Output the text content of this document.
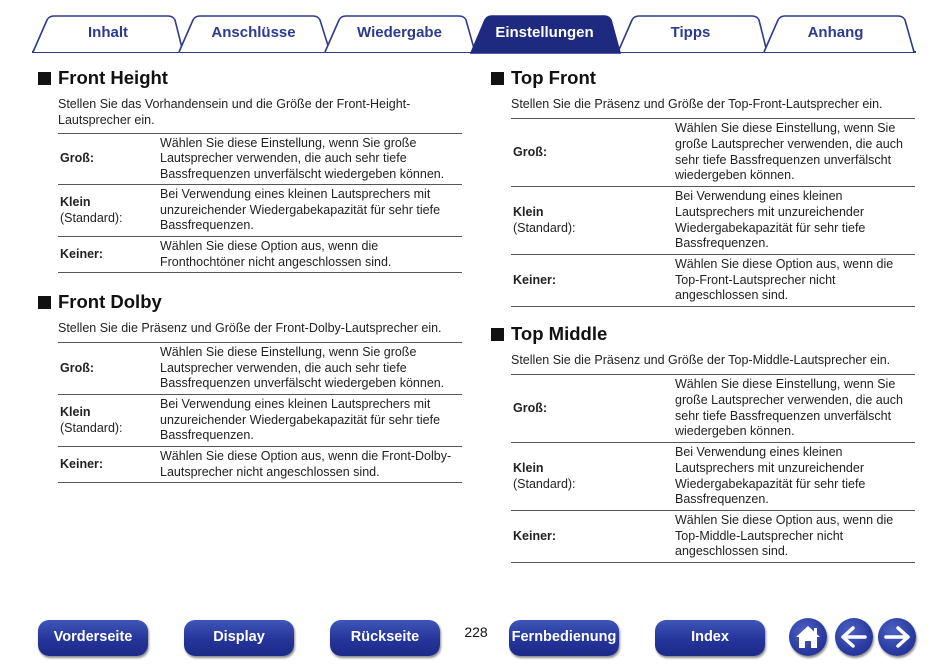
Inhalt	Anschlüsse	Wiedergabe	Einstellungen	Tipps	Anhang
Front Height
Stellen Sie das Vorhandensein und die Größe der Front-Height-Lautsprecher ein.
Groß:	Wählen Sie diese Einstellung, wenn Sie große Lautsprecher verwenden, die auch sehr tiefe Bassfrequenzen unverfälscht wiedergeben können.

Klein
(Standard):	Bei Verwendung eines kleinen Lautsprechers mit unzureichender Wiedergabekapazität für sehr tiefe Bassfrequenzen.

Keiner:	Wählen Sie diese Option aus, wenn die Fronthochtöner nicht angeschlossen sind.
Front Dolby
Stellen Sie die Präsenz und Größe der Front-Dolby-Lautsprecher ein.
Groß:	Wählen Sie diese Einstellung, wenn Sie große Lautsprecher verwenden, die auch sehr tiefe Bassfrequenzen unverfälscht wiedergeben können.

Klein
(Standard):	Bei Verwendung eines kleinen Lautsprechers mit unzureichender Wiedergabekapazität für sehr tiefe Bassfrequenzen.

Keiner:	Wählen Sie diese Option aus, wenn die Front-Dolby-Lautsprecher nicht angeschlossen sind.
Top Front
Stellen Sie die Präsenz und Größe der Top-Front-Lautsprecher ein.
Groß:	Wählen Sie diese Einstellung, wenn Sie große Lautsprecher verwenden, die auch sehr tiefe Bassfrequenzen unverfälscht wiedergeben können.

Klein
(Standard):	Bei Verwendung eines kleinen Lautsprechers mit unzureichender Wiedergabekapazität für sehr tiefe Bassfrequenzen.

Keiner:	Wählen Sie diese Option aus, wenn die Top-Front-Lautsprecher nicht angeschlossen sind.
Top Middle
Stellen Sie die Präsenz und Größe der Top-Middle-Lautsprecher ein.
Groß:	Wählen Sie diese Einstellung, wenn Sie große Lautsprecher verwenden, die auch sehr tiefe Bassfrequenzen unverfälscht wiedergeben können.

Klein
(Standard):	Bei Verwendung eines kleinen Lautsprechers mit unzureichender Wiedergabekapazität für sehr tiefe Bassfrequenzen.

Keiner:	Wählen Sie diese Option aus, wenn die Top-Middle-Lautsprecher nicht angeschlossen sind.
Vorderseite	Display	Rückseite	228	Fernbedienung	Index
